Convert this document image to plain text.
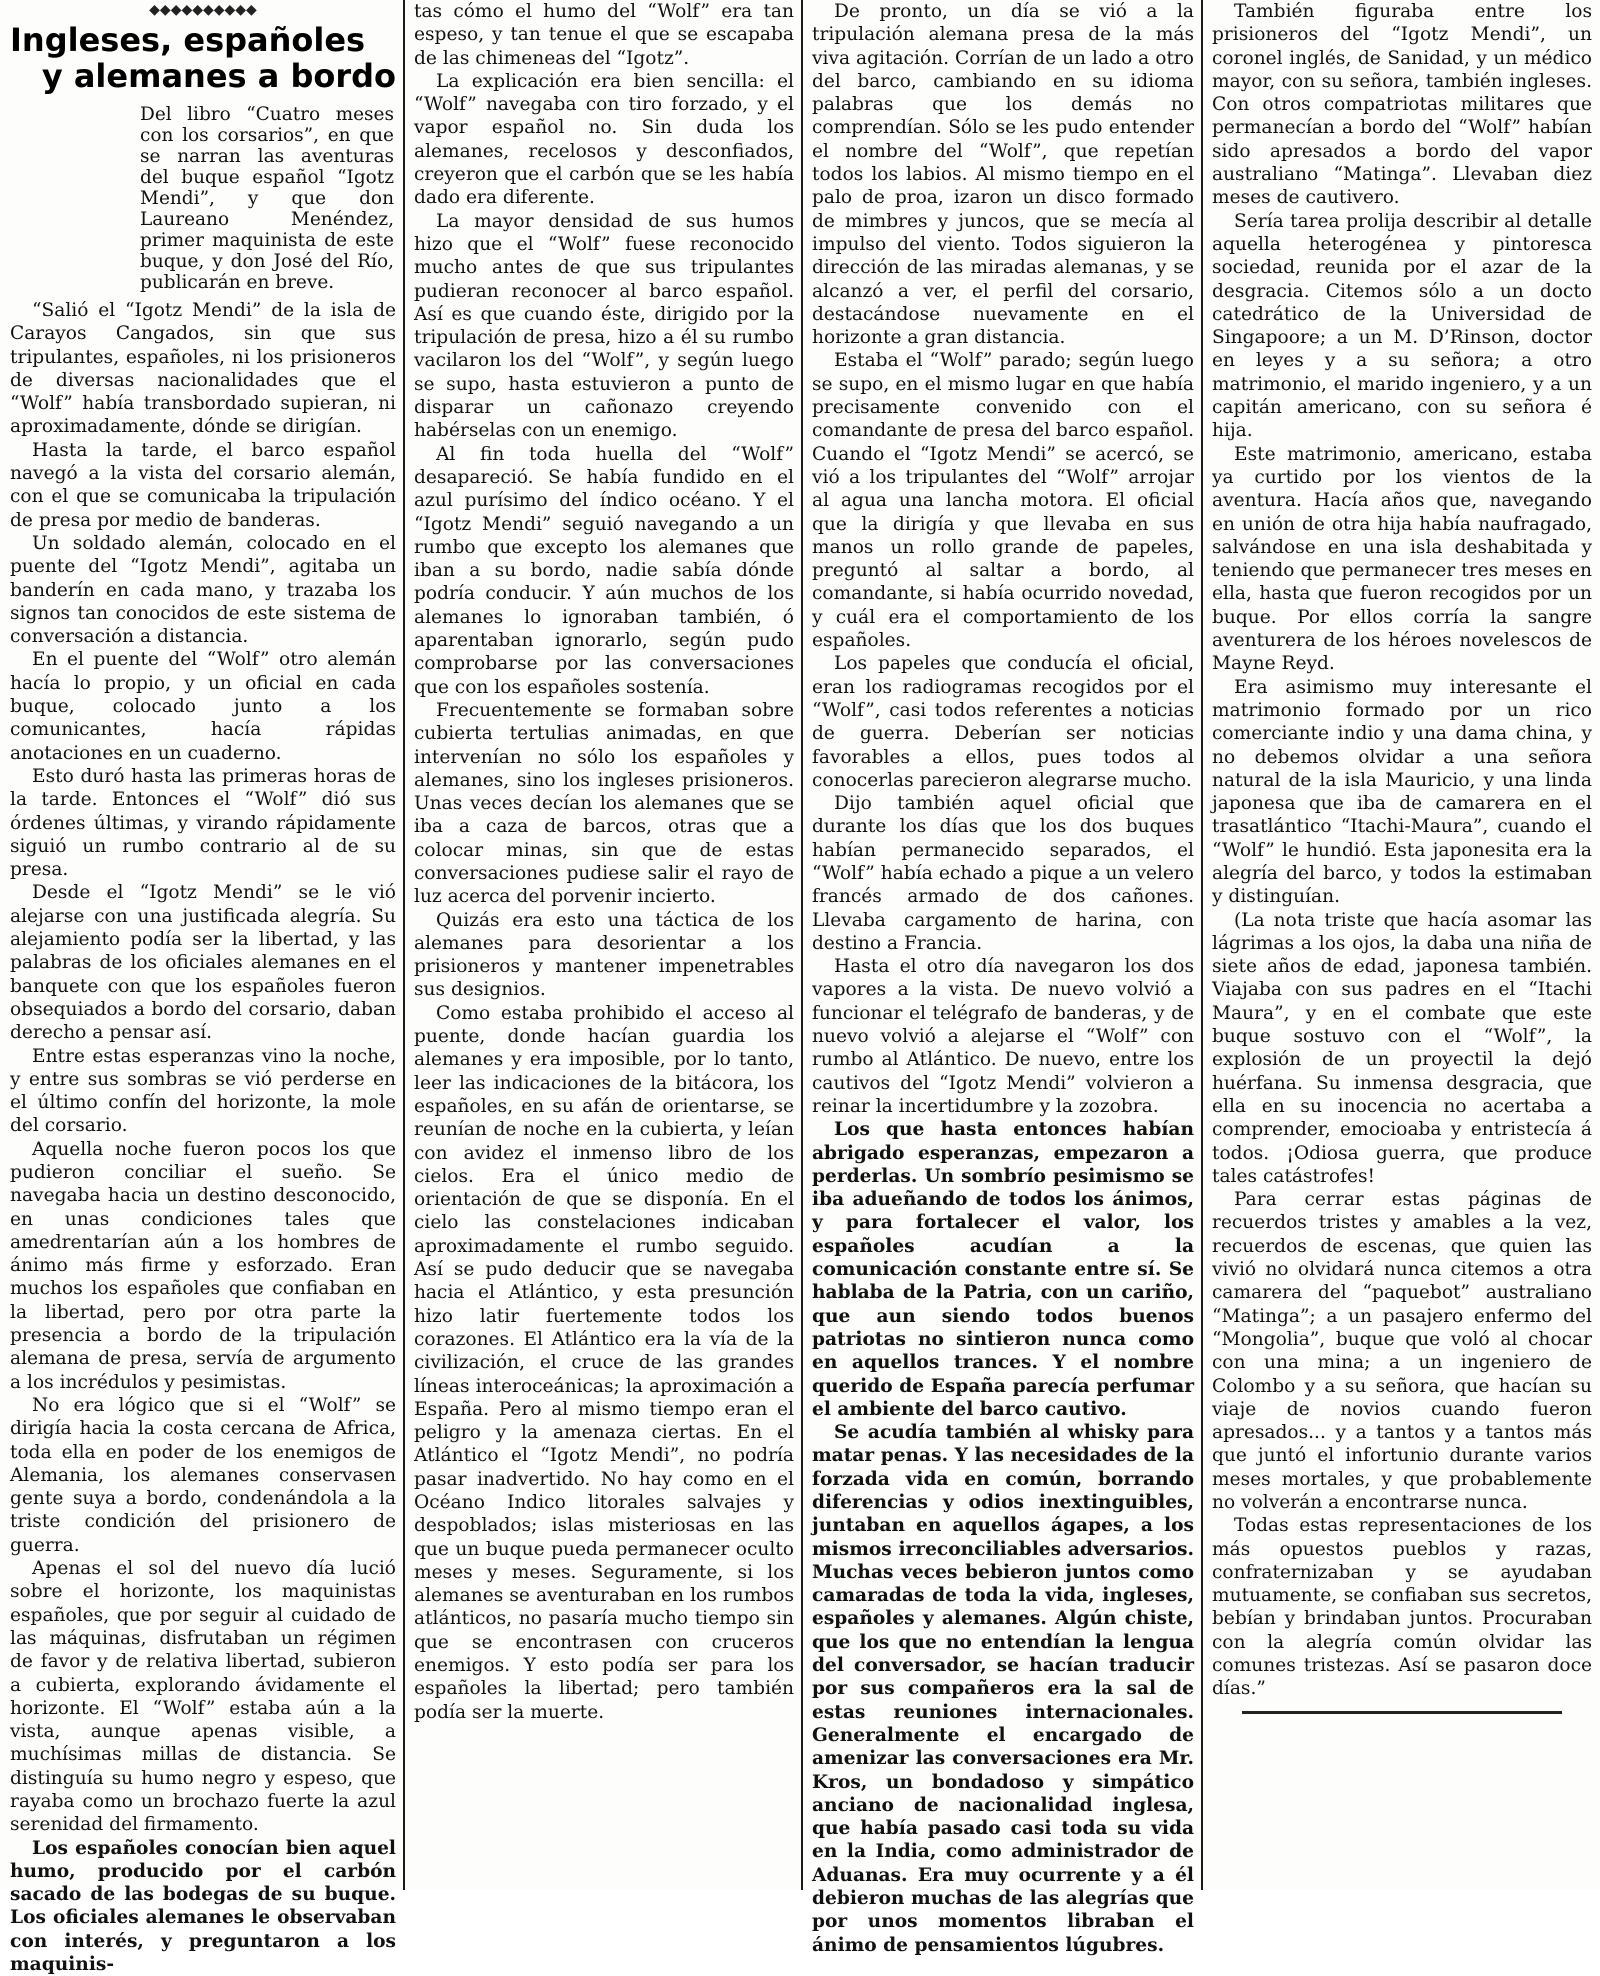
◆◆◆◆◆◆◆◆◆◆
Ingleses, españoles
y alemanes a bordo

Del libro “Cuatro meses con los corsarios”, en que se narran las aventuras del buque español “Igotz Mendi”, y que don Laureano Menéndez, primer maquinista de este buque, y don José del Río, publicarán en breve.

“Salió el “Igotz Mendi” de la isla de Carayos Cangados, sin que sus tripulantes, españoles, ni los prisioneros de diversas nacionalidades que el “Wolf” había transbordado supieran, ni aproximadamente, dónde se dirigían.

Hasta la tarde, el barco español navegó a la vista del corsario alemán, con el que se comunicaba la tripulación de presa por medio de banderas.

Un soldado alemán, colocado en el puente del “Igotz Mendi”, agitaba un banderín en cada mano, y trazaba los signos tan conocidos de este sistema de conversación a distancia.

En el puente del “Wolf” otro alemán hacía lo propio, y un oficial en cada buque, colocado junto a los comunicantes, hacía rápidas anotaciones en un cuaderno.

Esto duró hasta las primeras horas de la tarde. Entonces el “Wolf” dió sus órdenes últimas, y virando rápidamente siguió un rumbo contrario al de su presa.

Desde el “Igotz Mendi” se le vió alejarse con una justificada alegría. Su alejamiento podía ser la libertad, y las palabras de los oficiales alemanes en el banquete con que los españoles fueron obsequiados a bordo del corsario, daban derecho a pensar así.

Entre estas esperanzas vino la noche, y entre sus sombras se vió perderse en el último confín del horizonte, la mole del corsario.

Aquella noche fueron pocos los que pudieron conciliar el sueño. Se navegaba hacia un destino desconocido, en unas condiciones tales que amedrentarían aún a los hombres de ánimo más firme y esforzado. Eran muchos los españoles que confiaban en la libertad, pero por otra parte la presencia a bordo de la tripulación alemana de presa, servía de argumento a los incrédulos y pesimistas.

No era lógico que si el “Wolf” se dirigía hacia la costa cercana de Africa, toda ella en poder de los enemigos de Alemania, los alemanes conservasen gente suya a bordo, condenándola a la triste condición del prisionero de guerra.

Apenas el sol del nuevo día lució sobre el horizonte, los maquinistas españoles, que por seguir al cuidado de las máquinas, disfrutaban un régimen de favor y de relativa libertad, subieron a cubierta, explorando ávidamente el horizonte. El “Wolf” estaba aún a la vista, aunque apenas visible, a muchísimas millas de distancia. Se distinguía su humo negro y espeso, que rayaba como un brochazo fuerte la azul serenidad del firmamento.

Los españoles conocían bien aquel humo, producido por el carbón sacado de las bodegas de su buque. Los oficiales alemanes le observaban con interés, y preguntaron a los maquinis-

tas cómo el humo del “Wolf” era tan espeso, y tan tenue el que se escapaba de las chimeneas del “Igotz”.

La explicación era bien sencilla: el “Wolf” navegaba con tiro forzado, y el vapor español no. Sin duda los alemanes, recelosos y desconfiados, creyeron que el carbón que se les había dado era diferente.

La mayor densidad de sus humos hizo que el “Wolf” fuese reconocido mucho antes de que sus tripulantes pudieran reconocer al barco español. Así es que cuando éste, dirigido por la tripulación de presa, hizo a él su rumbo vacilaron los del “Wolf”, y según luego se supo, hasta estuvieron a punto de disparar un cañonazo creyendo habérselas con un enemigo.

Al fin toda huella del “Wolf” desapareció. Se había fundido en el azul purísimo del índico océano. Y el “Igotz Mendi” seguió navegando a un rumbo que excepto los alemanes que iban a su bordo, nadie sabía dónde podría conducir. Y aún muchos de los alemanes lo ignoraban también, ó aparentaban ignorarlo, según pudo comprobarse por las conversaciones que con los españoles sostenía.

Frecuentemente se formaban sobre cubierta tertulias animadas, en que intervenían no sólo los españoles y alemanes, sino los ingleses prisioneros. Unas veces decían los alemanes que se iba a caza de barcos, otras que a colocar minas, sin que de estas conversaciones pudiese salir el rayo de luz acerca del porvenir incierto.

Quizás era esto una táctica de los alemanes para desorientar a los prisioneros y mantener impenetrables sus designios.

Como estaba prohibido el acceso al puente, donde hacían guardia los alemanes y era imposible, por lo tanto, leer las indicaciones de la bitácora, los españoles, en su afán de orientarse, se reunían de noche en la cubierta, y leían con avidez el inmenso libro de los cielos. Era el único medio de orientación de que se disponía. En el cielo las constelaciones indicaban aproximadamente el rumbo seguido. Así se pudo deducir que se navegaba hacia el Atlántico, y esta presunción hizo latir fuertemente todos los corazones. El Atlántico era la vía de la civilización, el cruce de las grandes líneas interoceánicas; la aproximación a España. Pero al mismo tiempo eran el peligro y la amenaza ciertas. En el Atlántico el “Igotz Mendi”, no podría pasar inadvertido. No hay como en el Océano Indico litorales salvajes y despoblados; islas misteriosas en las que un buque pueda permanecer oculto meses y meses. Seguramente, si los alemanes se aventuraban en los rumbos atlánticos, no pasaría mucho tiempo sin que se encontrasen con cruceros enemigos. Y esto podía ser para los españoles la libertad; pero también podía ser la muerte.

De pronto, un día se vió a la tripulación alemana presa de la más viva agitación. Corrían de un lado a otro del barco, cambiando en su idioma palabras que los demás no comprendían. Sólo se les pudo entender el nombre del “Wolf”, que repetían todos los labios. Al mismo tiempo en el palo de proa, izaron un disco formado de mimbres y juncos, que se mecía al impulso del viento. Todos siguieron la dirección de las miradas alemanas, y se alcanzó a ver, el perfil del corsario, destacándose nuevamente en el horizonte a gran distancia.

Estaba el “Wolf” parado; según luego se supo, en el mismo lugar en que había precisamente convenido con el comandante de presa del barco español. Cuando el “Igotz Mendi” se acercó, se vió a los tripulantes del “Wolf” arrojar al agua una lancha motora. El oficial que la dirigía y que llevaba en sus manos un rollo grande de papeles, preguntó al saltar a bordo, al comandante, si había ocurrido novedad, y cuál era el comportamiento de los españoles.

Los papeles que conducía el oficial, eran los radiogramas recogidos por el “Wolf”, casi todos referentes a noticias de guerra. Deberían ser noticias favorables a ellos, pues todos al conocerlas parecieron alegrarse mucho.

Dijo también aquel oficial que durante los días que los dos buques habían permanecido separados, el “Wolf” había echado a pique a un velero francés armado de dos cañones. Llevaba cargamento de harina, con destino a Francia.

Hasta el otro día navegaron los dos vapores a la vista. De nuevo volvió a funcionar el telégrafo de banderas, y de nuevo volvió a alejarse el “Wolf” con rumbo al Atlántico. De nuevo, entre los cautivos del “Igotz Mendi” volvieron a reinar la incertidumbre y la zozobra.

Los que hasta entonces habían abrigado esperanzas, empezaron a perderlas. Un sombrío pesimismo se iba adueñando de todos los ánimos, y para fortalecer el valor, los españoles acudían a la comunicación constante entre sí. Se hablaba de la Patria, con un cariño, que aun siendo todos buenos patriotas no sintieron nunca como en aquellos trances. Y el nombre querido de España parecía perfumar el ambiente del barco cautivo.

Se acudía también al whisky para matar penas. Y las necesidades de la forzada vida en común, borrando diferencias y odios inextinguibles, juntaban en aquellos ágapes, a los mismos irreconciliables adversarios. Muchas veces bebieron juntos como camaradas de toda la vida, ingleses, españoles y alemanes. Algún chiste, que los que no entendían la lengua del conversador, se hacían traducir por sus compañeros era la sal de estas reuniones internacionales. Generalmente el encargado de amenizar las conversaciones era Mr. Kros, un bondadoso y simpático anciano de nacionalidad inglesa, que había pasado casi toda su vida en la India, como administrador de Aduanas. Era muy ocurrente y a él debieron muchas de las alegrías que por unos momentos libraban el ánimo de pensamientos lúgubres.

También figuraba entre los prisioneros del “Igotz Mendi”, un coronel inglés, de Sanidad, y un médico mayor, con su señora, también ingleses. Con otros compatriotas militares que permanecían a bordo del “Wolf” habían sido apresados a bordo del vapor australiano “Matinga”. Llevaban diez meses de cautivero.

Sería tarea prolija describir al detalle aquella heterogénea y pintoresca sociedad, reunida por el azar de la desgracia. Citemos sólo a un docto catedrático de la Universidad de Singapoore; a un M. D’Rinson, doctor en leyes y a su señora; a otro matrimonio, el marido ingeniero, y a un capitán americano, con su señora é hija.

Este matrimonio, americano, estaba ya curtido por los vientos de la aventura. Hacía años que, navegando en unión de otra hija había naufragado, salvándose en una isla deshabitada y teniendo que permanecer tres meses en ella, hasta que fueron recogidos por un buque. Por ellos corría la sangre aventurera de los héroes novelescos de Mayne Reyd.

Era asimismo muy interesante el matrimonio formado por un rico comerciante indio y una dama china, y no debemos olvidar a una señora natural de la isla Mauricio, y una linda japonesa que iba de camarera en el trasatlántico “Itachi-Maura”, cuando el “Wolf” le hundió. Esta japonesita era la alegría del barco, y todos la estimaban y distinguían.

(La nota triste que hacía asomar las lágrimas a los ojos, la daba una niña de siete años de edad, japonesa también. Viajaba con sus padres en el “Itachi Maura”, y en el combate que este buque sostuvo con el “Wolf”, la explosión de un proyectil la dejó huérfana. Su inmensa desgracia, que ella en su inocencia no acertaba a comprender, emocioaba y entristecía á todos. ¡Odiosa guerra, que produce tales catástrofes!

Para cerrar estas páginas de recuerdos tristes y amables a la vez, recuerdos de escenas, que quien las vivió no olvidará nunca citemos a otra camarera del “paquebot” australiano “Matinga”; a un pasajero enfermo del “Mongolia”, buque que voló al chocar con una mina; a un ingeniero de Colombo y a su señora, que hacían su viaje de novios cuando fueron apresados... y a tantos y a tantos más que juntó el infortunio durante varios meses mortales, y que probablemente no volverán a encontrarse nunca.

Todas estas representaciones de los más opuestos pueblos y razas, confraternizaban y se ayudaban mutuamente, se confiaban sus secretos, bebían y brindaban juntos. Procuraban con la alegría común olvidar las comunes tristezas. Así se pasaron doce días.”
